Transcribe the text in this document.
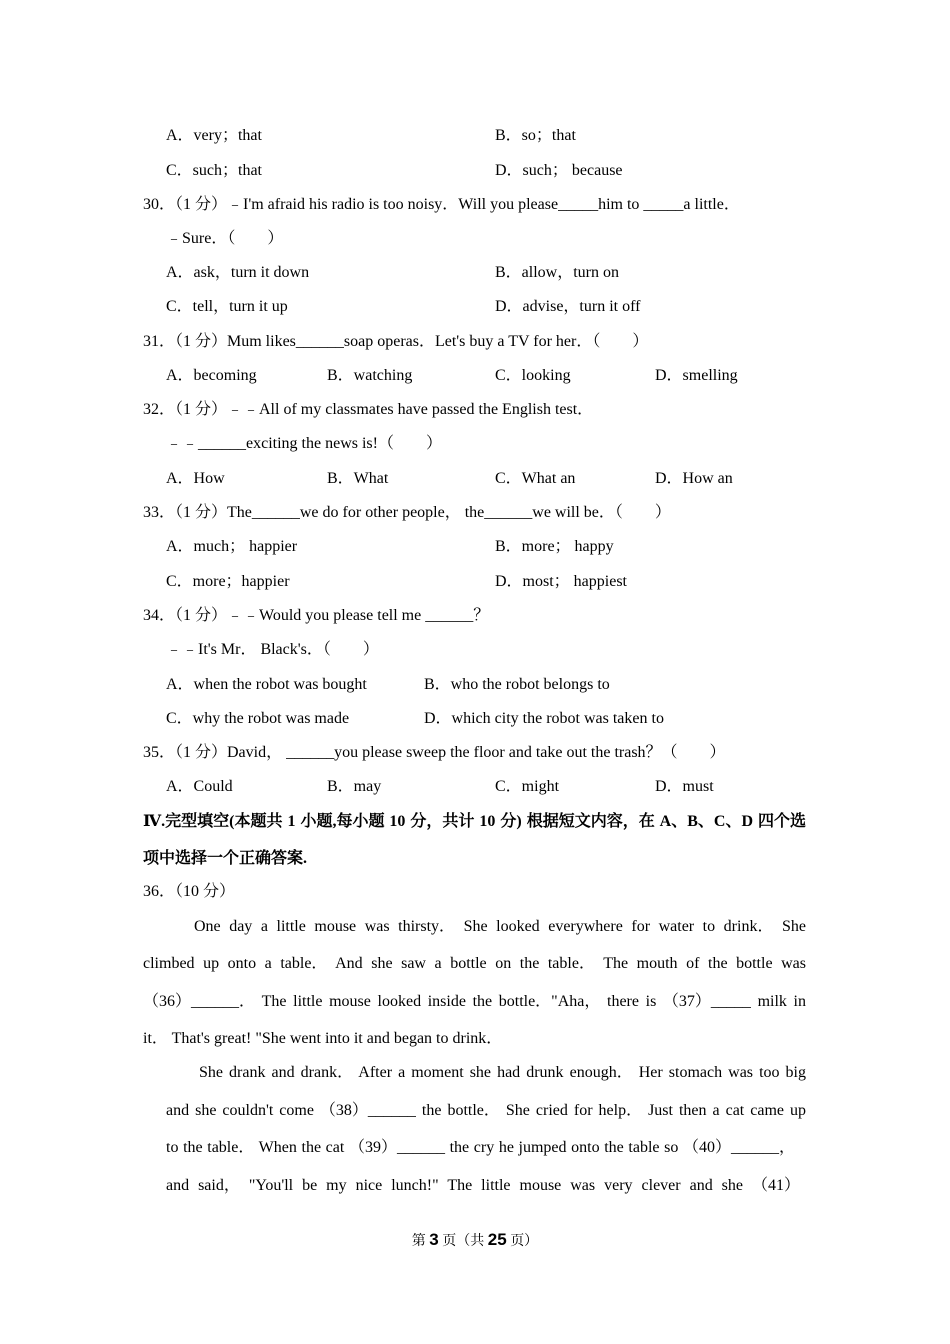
A．very；that	B．so；that
C．such；that	D．such； because
30．（1 分）﹣I'm afraid his radio is too noisy．Will you please_____him to _____a little．
﹣Sure．（　　）
A．ask，turn it down	B．allow，turn on
C．tell，turn it up	D．advise，turn it off
31．（1 分）Mum likes______soap operas．Let's buy a TV for her．（　　）
A．becoming	B．watching	C．looking	D．smelling
32．（1 分）﹣﹣All of my classmates have passed the English test．
﹣﹣______exciting the news is!（　　）
A．How	B．What	C．What an	D．How an
33．（1 分）The______we do for other people， the______we will be．（　　）
A．much； happier	B．more； happy
C．more；happier	D．most； happiest
34．（1 分）﹣﹣Would you please tell me ______？
﹣﹣It's Mr． Black's．（　　）
A．when the robot was bought	B．who the robot belongs to
C．why the robot was made	D．which city the robot was taken to
35．（1 分）David， ______you please sweep the floor and take out the trash？（　　）
A．Could	B．may	C．might	D．must
Ⅳ.完型填空(本题共 1 小题,每小题 10 分，共计 10 分) 根据短文内容，在 A、B、C、D 四个选
项中选择一个正确答案.
36．（10 分）
One day a little mouse was thirsty． She looked everywhere for water to drink． She
climbed up onto a table． And she saw a bottle on the table． The mouth of the bottle was
（36）______． The little mouse looked inside the bottle．"Aha， there is （37）_____ milk in
it． That's great! "She went into it and began to drink．
She drank and drank． After a moment she had drunk enough． Her stomach was too big
and she couldn't come （38）______ the bottle． She cried for help． Just then a cat came up
to the table． When the cat （39）______ the cry he jumped onto the table so （40）______，
and said， "You'll be my nice lunch!" The little mouse was very clever and she （41）
第 3 页（共 25 页）
